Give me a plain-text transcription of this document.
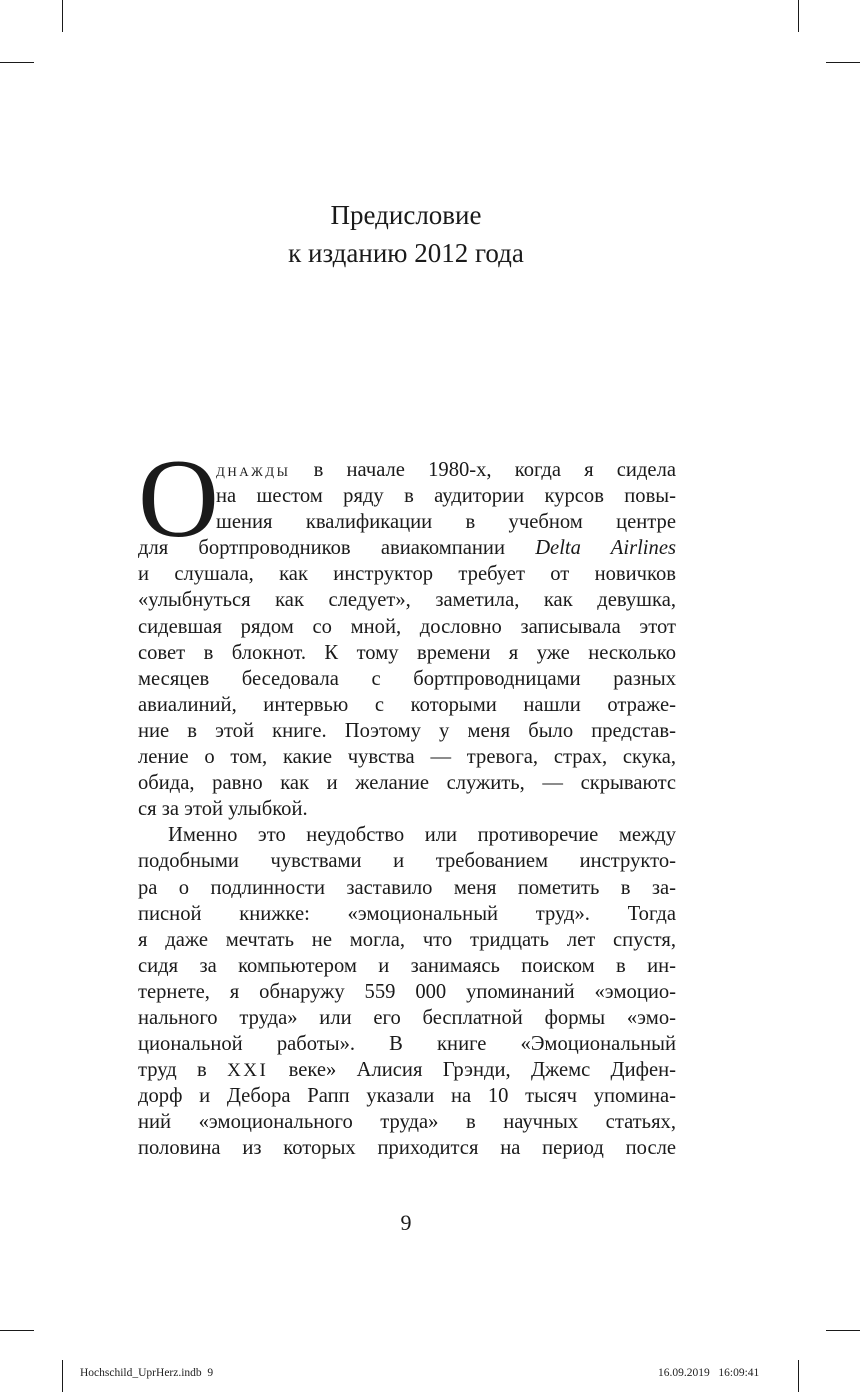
Предисловие
к изданию 2012 года
О
днажды в начале 1980-х, когда я сидела
на шестом ряду в аудитории курсов повы-
шения квалификации в учебном центре
для бортпроводников авиакомпании Delta Airlines
и слушала, как инструктор требует от новичков
«улыбнуться как следует», заметила, как девушка,
сидевшая рядом со мной, дословно записывала этот
совет в блокнот. К тому времени я уже несколько
месяцев беседовала с бортпроводницами разных
авиалиний, интервью с которыми нашли отраже-
ние в этой книге. Поэтому у меня было представ-
ление о том, какие чувства — тревога, страх, скука,
обида, равно как и желание служить, — скрываютс
ся за этой улыбкой.
Именно это неудобство или противоречие между
подобными чувствами и требованием инструкто-
ра о подлинности заставило меня пометить в за-
писной книжке: «эмоциональный труд». Тогда
я даже мечтать не могла, что тридцать лет спустя,
сидя за компьютером и занимаясь поиском в ин-
тернете, я обнаружу 559 000 упоминаний «эмоцио-
нального труда» или его бесплатной формы «эмо-
циональной работы». В книге «Эмоциональный
труд в XXI веке» Алисия Грэнди, Джемс Дифен-
дорф и Дебора Рапп указали на 10 тысяч упомина-
ний «эмоционального труда» в научных статьях,
половина из которых приходится на период после
9
Hochschild_UprHerz.indb  9	16.09.2019   16:09:41
